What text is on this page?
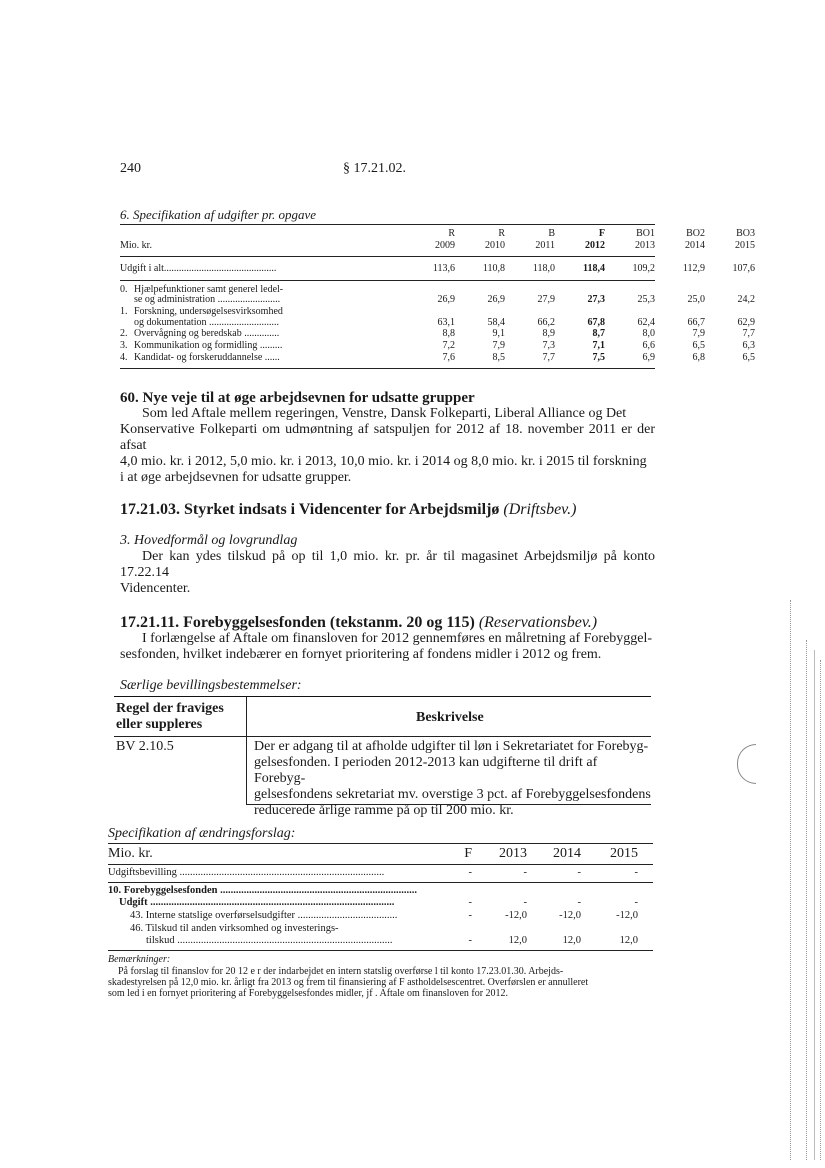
240	§ 17.21.02.
6. Specifikation af udgifter pr. opgave
R	R	B	F	BO1	BO2	BO3
Mio. kr.	2009	2010	2011	2012	2013	2014	2015
Udgift i alt.............................................	113,6	110,8	118,0	118,4	109,2	112,9	107,6
0. Hjælpefunktioner samt generel ledel-
se og administration .........................	26,9	26,9	27,9	27,3	25,3	25,0	24,2
1. Forskning, undersøgelsesvirksomhed
og dokumentation ............................	63,1	58,4	66,2	67,8	62,4	66,7	62,9
2. Overvågning og beredskab ..............	8,8	9,1	8,9	8,7	8,0	7,9	7,7
3. Kommunikation og formidling .........	7,2	7,9	7,3	7,1	6,6	6,5	6,3
4. Kandidat- og forskeruddannelse ......	7,6	8,5	7,7	7,5	6,9	6,8	6,5
60. Nye veje til at øge arbejdsevnen for udsatte grupper
Som led Aftale mellem regeringen, Venstre, Dansk Folkeparti, Liberal Alliance og Det
Konservative Folkeparti om udmøntning af satspuljen for 2012 af 18. november 2011 er der afsat
4,0 mio. kr. i 2012, 5,0 mio. kr. i 2013, 10,0 mio. kr. i 2014 og 8,0 mio. kr. i 2015 til forskning
i at øge arbejdsevnen for udsatte grupper.
17.21.03. Styrket indsats i Videncenter for Arbejdsmiljø (Driftsbev.)
3. Hovedformål og lovgrundlag
Der kan ydes tilskud på op til 1,0 mio. kr. pr. år til magasinet Arbejdsmiljø på konto 17.22.14
Videncenter.
17.21.11. Forebyggelsesfonden (tekstanm. 20 og 115) (Reservationsbev.)
I forlængelse af Aftale om finansloven for 2012 gennemføres en målretning af Forebyggel-
sesfonden, hvilket indebærer en fornyet prioritering af fondens midler i 2012 og frem.
Særlige bevillingsbestemmelser:
Regel der fraviges
eller suppleres	Beskrivelse
BV 2.10.5	Der er adgang til at afholde udgifter til løn i Sekretariatet for Forebyg-
gelsesfonden. I perioden 2012-2013 kan udgifterne til drift af Forebyg-
gelsesfondens sekretariat mv. overstige 3 pct. af Forebyggelsesfondens
reducerede årlige ramme på op til 200 mio. kr.
Specifikation af ændringsforslag:
Mio. kr.	F	2013	2014	2015
Udgiftsbevilling ..............................................................................	-	-	-	-
10. Forebyggelsesfonden ...........................................................................
Udgift .............................................................................................	-	-	-	-
43. Interne statslige overførselsudgifter ......................................	-	-12,0	-12,0	-12,0
46. Tilskud til anden virksomhed og investerings-
tilskud ..................................................................................	-	12,0	12,0	12,0
Bemærkninger:
På forslag til finanslov for 20 12 e r der indarbejdet en intern statslig overførse l til konto 17.23.01.30. Arbejds-
skadestyrelsen på 12,0 mio. kr. årligt fra 2013 og frem til finansiering af F astholdelsescentret. Overførslen er annulleret
som led i en fornyet prioritering af Forebyggelsesfondes midler, jf . Aftale om finansloven for 2012.
